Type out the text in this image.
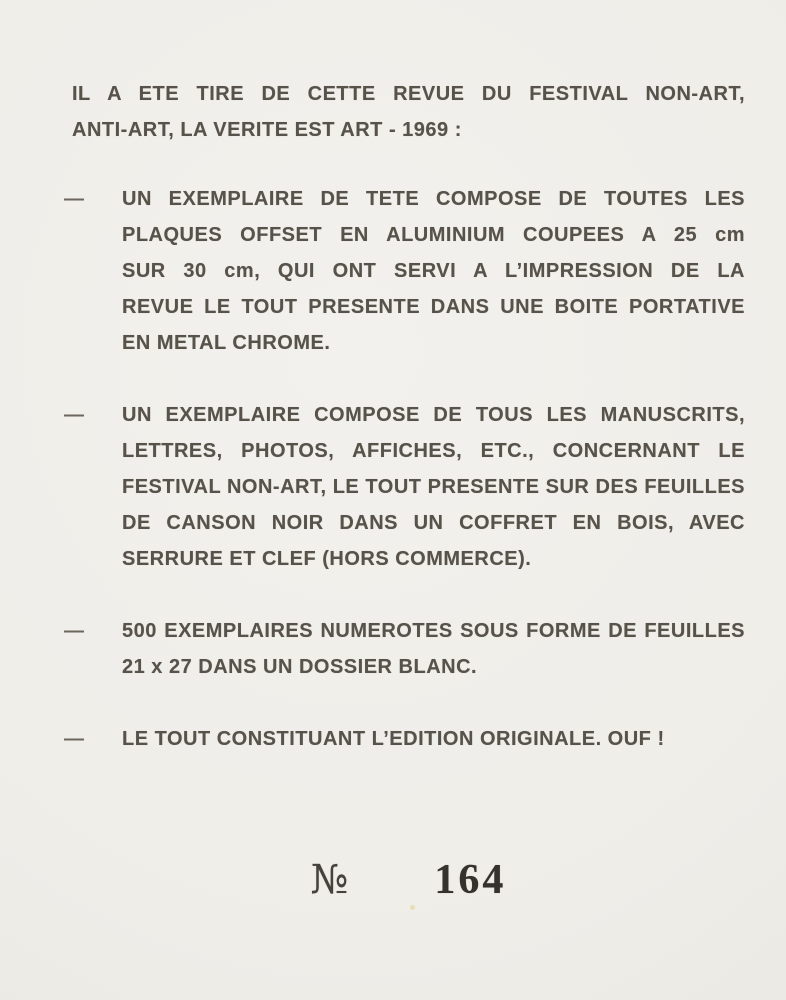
IL A ETE TIRE DE CETTE REVUE DU FESTIVAL NON-ART,
ANTI-ART, LA VERITE EST ART - 1969 :
—	UN EXEMPLAIRE DE TETE COMPOSE DE TOUTES LES
PLAQUES OFFSET EN ALUMINIUM COUPEES A 25 cm
SUR 30 cm, QUI ONT SERVI A L’IMPRESSION DE LA
REVUE LE TOUT PRESENTE DANS UNE BOITE PORTATIVE
EN METAL CHROME.
—	UN EXEMPLAIRE COMPOSE DE TOUS LES MANUSCRITS,
LETTRES, PHOTOS, AFFICHES, ETC., CONCERNANT LE
FESTIVAL NON-ART, LE TOUT PRESENTE SUR DES FEUILLES
DE CANSON NOIR DANS UN COFFRET EN BOIS, AVEC
SERRURE ET CLEF (HORS COMMERCE).
—	500 EXEMPLAIRES NUMEROTES SOUS FORME DE FEUILLES
21 x 27 DANS UN DOSSIER BLANC.
—	LE TOUT CONSTITUANT L’EDITION ORIGINALE. OUF !
№ 164
